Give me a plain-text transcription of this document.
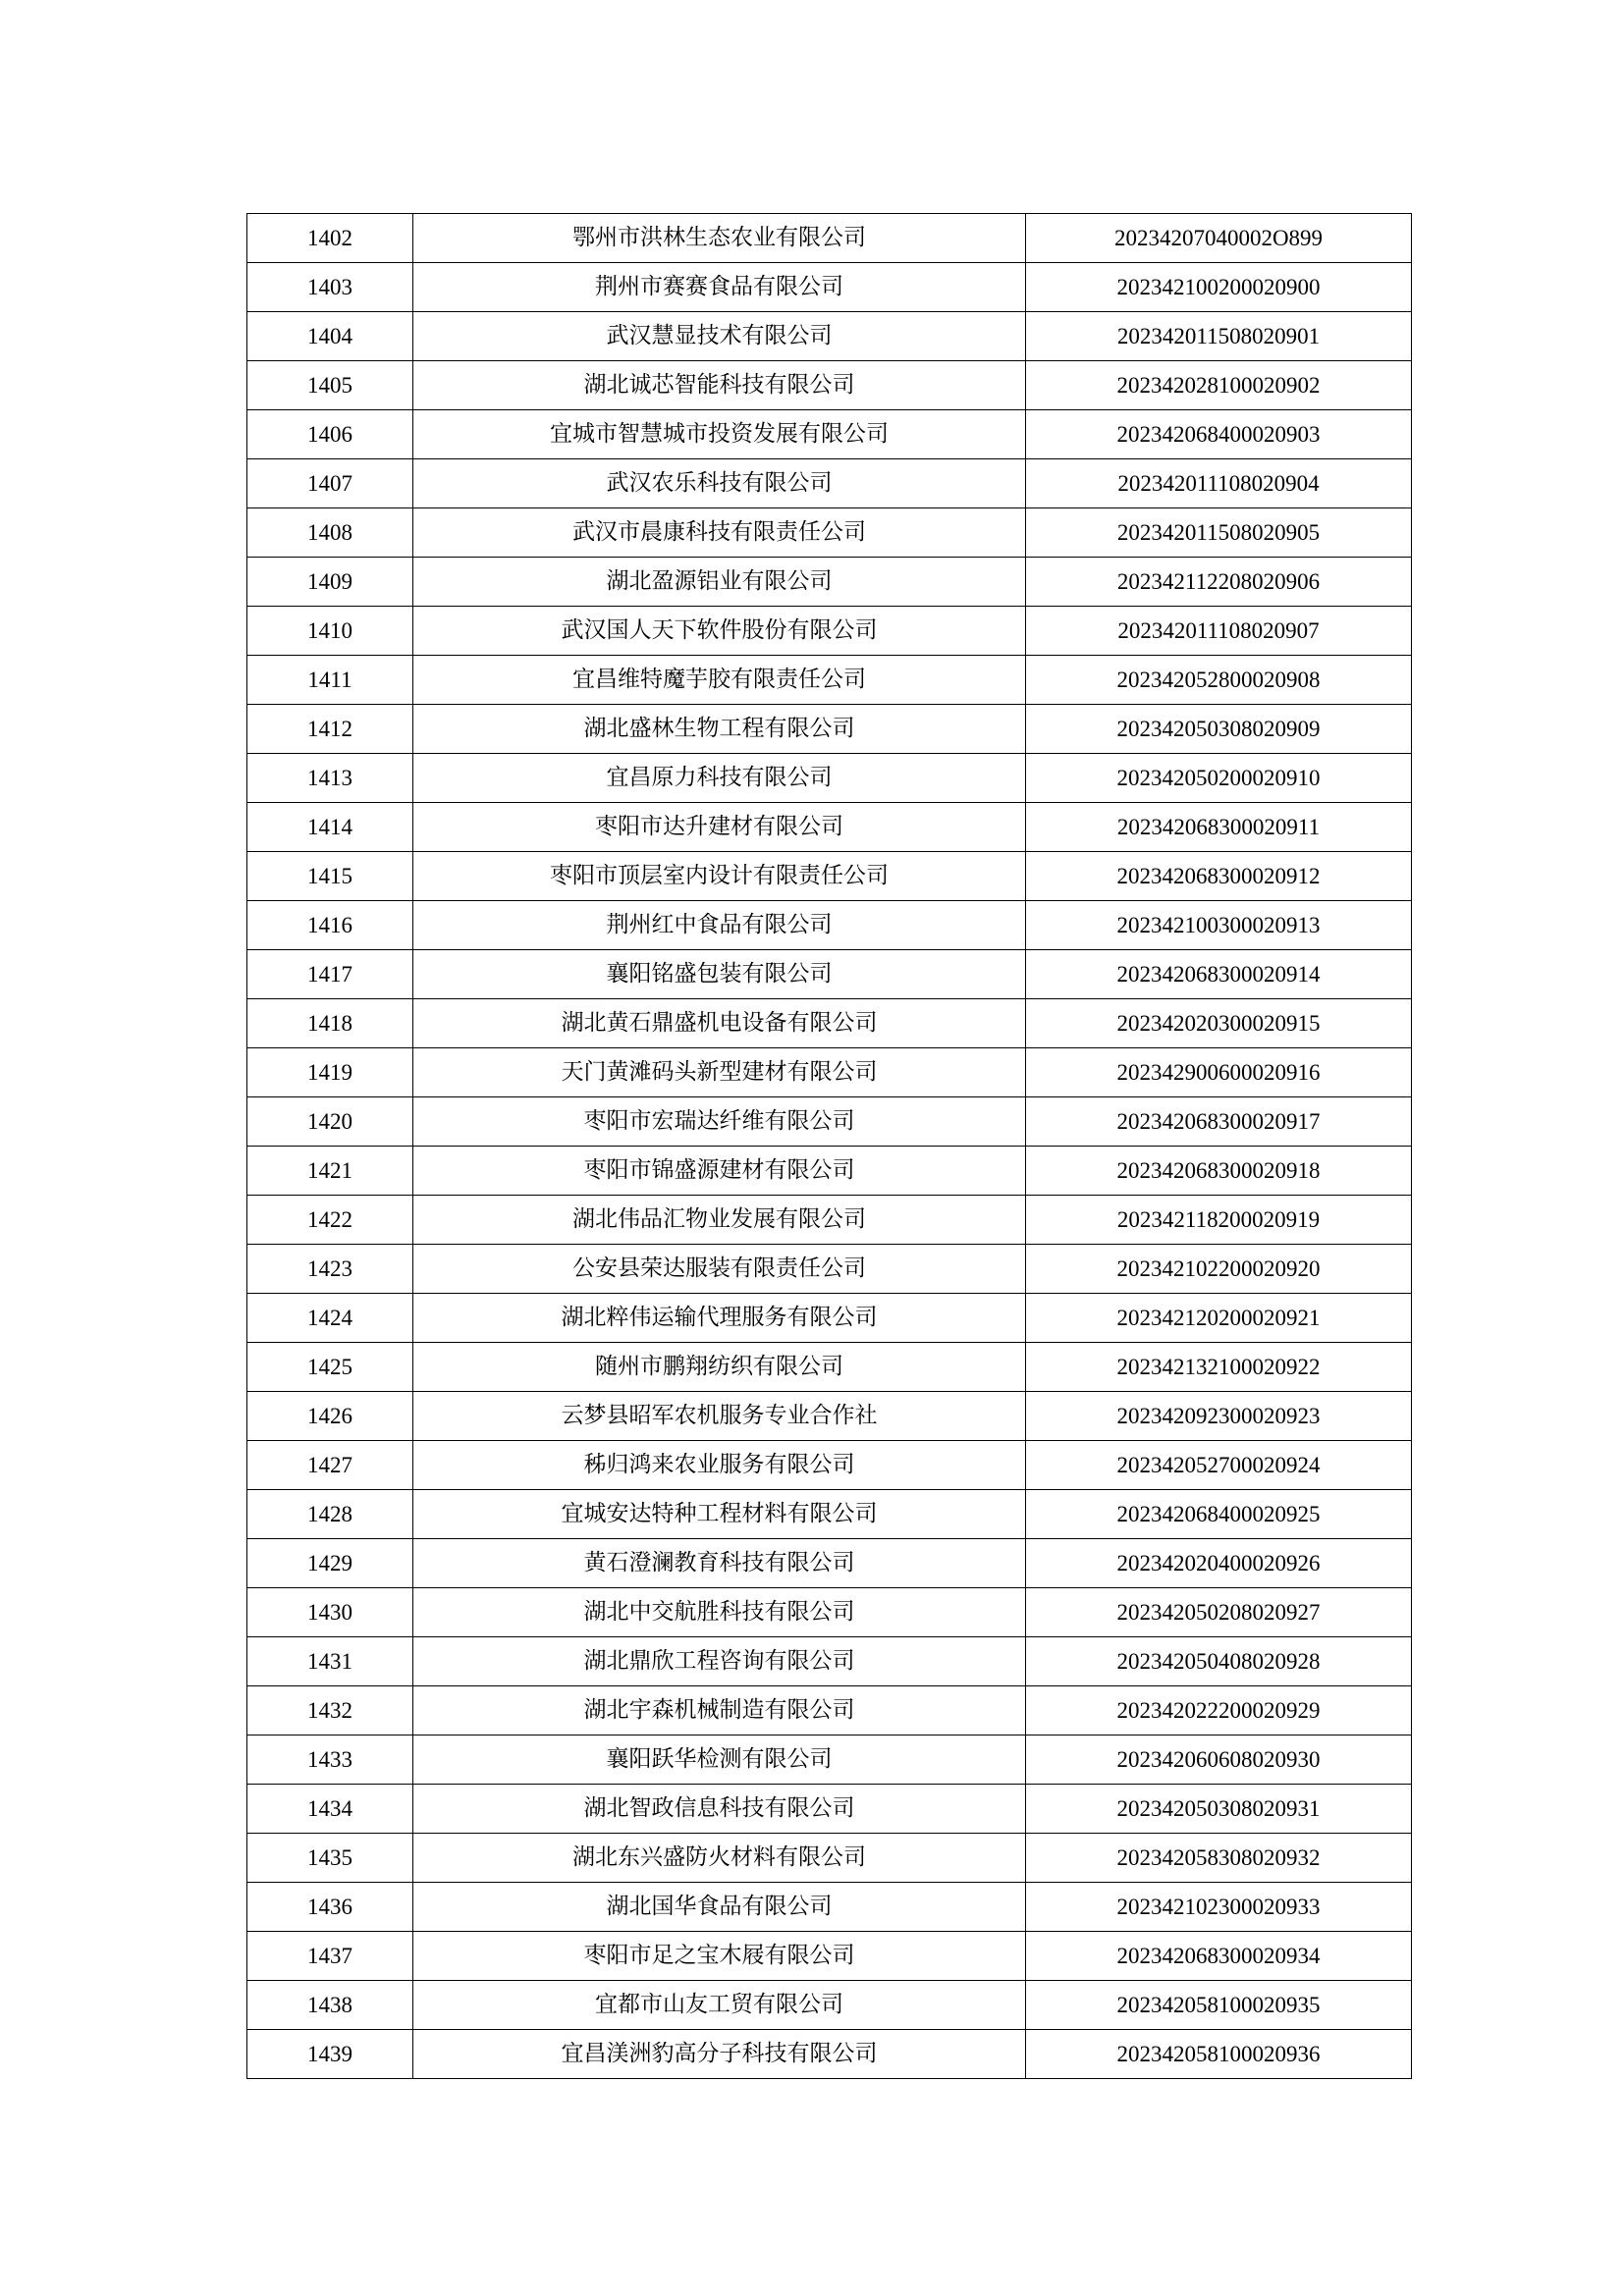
1402	鄂州市洪林生态农业有限公司	20234207040002O899
1403	荆州市赛赛食品有限公司	202342100200020900
1404	武汉慧显技术有限公司	202342011508020901
1405	湖北诚芯智能科技有限公司	202342028100020902
1406	宜城市智慧城市投资发展有限公司	202342068400020903
1407	武汉农乐科技有限公司	202342011108020904
1408	武汉市晨康科技有限责任公司	202342011508020905
1409	湖北盈源铝业有限公司	202342112208020906
1410	武汉国人天下软件股份有限公司	202342011108020907
1411	宜昌维特魔芋胶有限责任公司	202342052800020908
1412	湖北盛林生物工程有限公司	202342050308020909
1413	宜昌原力科技有限公司	202342050200020910
1414	枣阳市达升建材有限公司	202342068300020911
1415	枣阳市顶层室内设计有限责任公司	202342068300020912
1416	荆州红中食品有限公司	202342100300020913
1417	襄阳铭盛包装有限公司	202342068300020914
1418	湖北黄石鼎盛机电设备有限公司	202342020300020915
1419	天门黄滩码头新型建材有限公司	202342900600020916
1420	枣阳市宏瑞达纤维有限公司	202342068300020917
1421	枣阳市锦盛源建材有限公司	202342068300020918
1422	湖北伟品汇物业发展有限公司	202342118200020919
1423	公安县荣达服装有限责任公司	202342102200020920
1424	湖北粹伟运输代理服务有限公司	202342120200020921
1425	随州市鹏翔纺织有限公司	202342132100020922
1426	云梦县昭军农机服务专业合作社	202342092300020923
1427	秭归鸿来农业服务有限公司	202342052700020924
1428	宜城安达特种工程材料有限公司	202342068400020925
1429	黄石澄澜教育科技有限公司	202342020400020926
1430	湖北中交航胜科技有限公司	202342050208020927
1431	湖北鼎欣工程咨询有限公司	202342050408020928
1432	湖北宇森机械制造有限公司	202342022200020929
1433	襄阳跃华检测有限公司	202342060608020930
1434	湖北智政信息科技有限公司	202342050308020931
1435	湖北东兴盛防火材料有限公司	202342058308020932
1436	湖北国华食品有限公司	202342102300020933
1437	枣阳市足之宝木屐有限公司	202342068300020934
1438	宜都市山友工贸有限公司	202342058100020935
1439	宜昌渼洲豹高分子科技有限公司	202342058100020936
